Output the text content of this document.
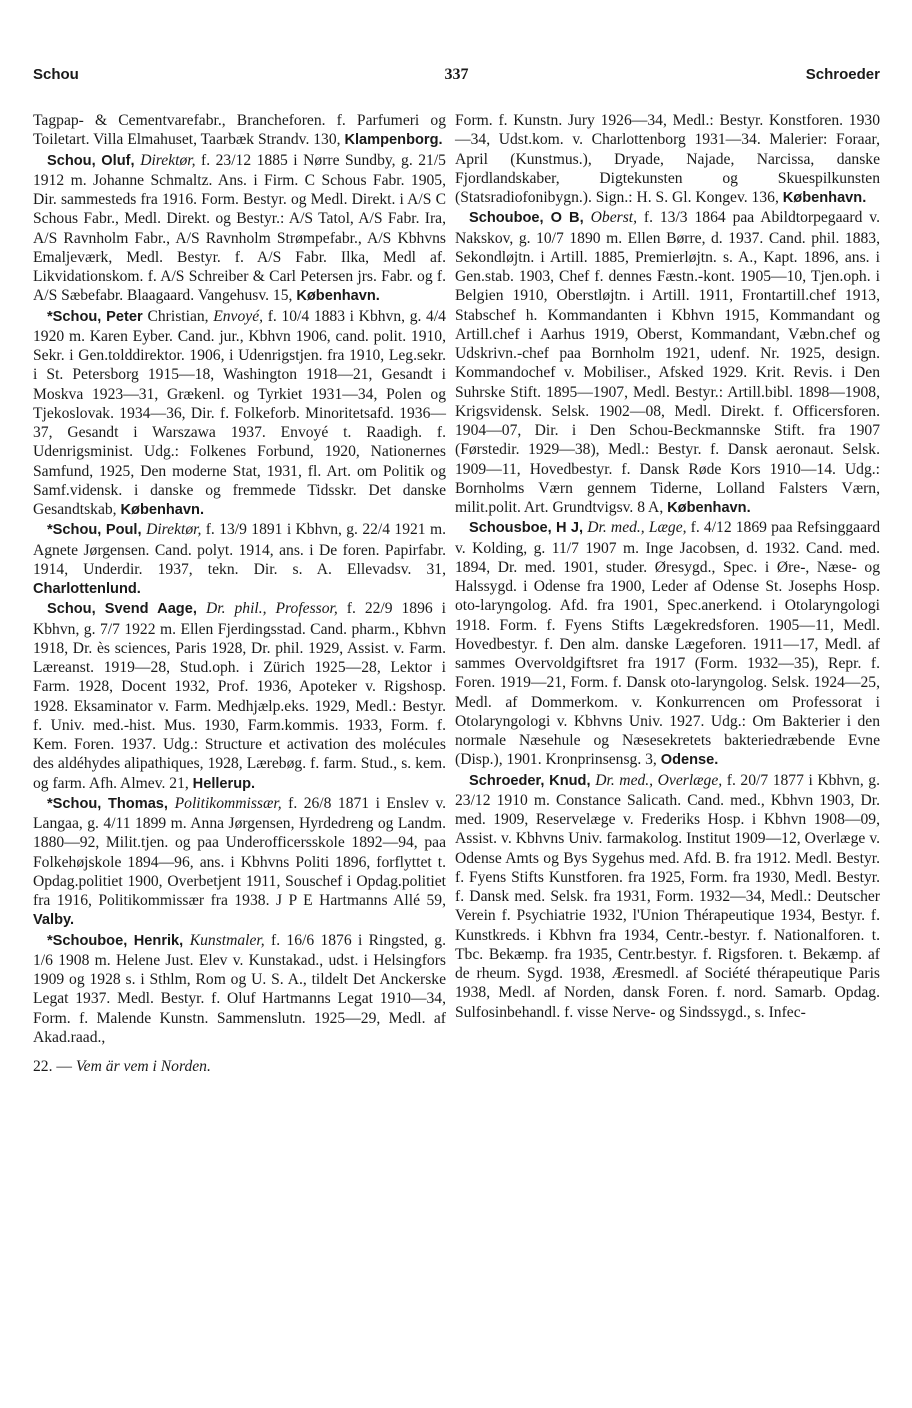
Schou	337	Schroeder

Tagpap- & Cementvarefabr., Brancheforen. f. Parfumeri og Toiletart. Villa Elmahuset, Taarbæk Strandv. 130, Klampenborg.

Schou, Oluf, Direktør, f. 23/12 1885 i Nørre Sundby, g. 21/5 1912 m. Johanne Schmaltz. Ans. i Firm. C Schous Fabr. 1905, Dir. sammesteds fra 1916. Form. Bestyr. og Medl. Direkt. i A/S C Schous Fabr., Medl. Direkt. og Bestyr.: A/S Tatol, A/S Fabr. Ira, A/S Ravnholm Fabr., A/S Ravnholm Strømpefabr., A/S Kbhvns Emaljeværk, Medl. Bestyr. f. A/S Fabr. Ilka, Medl af. Likvidationskom. f. A/S Schreiber & Carl Petersen jrs. Fabr. og f. A/S Sæbefabr. Blaagaard. Vangehusv. 15, København.

*Schou, Peter Christian, Envoyé, f. 10/4 1883 i Kbhvn, g. 4/4 1920 m. Karen Eyber. Cand. jur., Kbhvn 1906, cand. polit. 1910, Sekr. i Gen.tolddirektor. 1906, i Udenrigstjen. fra 1910, Leg.sekr. i St. Petersborg 1915—18, Washington 1918—21, Gesandt i Moskva 1923—31, Grækenl. og Tyrkiet 1931—34, Polen og Tjekoslovak. 1934—36, Dir. f. Folkeforb. Minoritetsafd. 1936—37, Gesandt i Warszawa 1937. Envoyé t. Raadigh. f. Udenrigsminist. Udg.: Folkenes Forbund, 1920, Nationernes Samfund, 1925, Den moderne Stat, 1931, fl. Art. om Politik og Samf.vidensk. i danske og fremmede Tidsskr. Det danske Gesandtskab, København.

*Schou, Poul, Direktør, f. 13/9 1891 i Kbhvn, g. 22/4 1921 m. Agnete Jørgensen. Cand. polyt. 1914, ans. i De foren. Papirfabr. 1914, Underdir. 1937, tekn. Dir. s. A. Ellevadsv. 31, Charlottenlund.

Schou, Svend Aage, Dr. phil., Professor, f. 22/9 1896 i Kbhvn, g. 7/7 1922 m. Ellen Fjerdingsstad. Cand. pharm., Kbhvn 1918, Dr. ès sciences, Paris 1928, Dr. phil. 1929, Assist. v. Farm. Læreanst. 1919—28, Stud.oph. i Zürich 1925—28, Lektor i Farm. 1928, Docent 1932, Prof. 1936, Apoteker v. Rigshosp. 1928. Eksaminator v. Farm. Medhjælp.eks. 1929, Medl.: Bestyr. f. Univ. med.-hist. Mus. 1930, Farm.kommis. 1933, Form. f. Kem. Foren. 1937. Udg.: Structure et activation des molécules des aldéhydes alipathiques, 1928, Lærebøg. f. farm. Stud., s. kem. og farm. Afh. Almev. 21, Hellerup.

*Schou, Thomas, Politikommissær, f. 26/8 1871 i Enslev v. Langaa, g. 4/11 1899 m. Anna Jørgensen, Hyrdedreng og Landm. 1880—92, Milit.tjen. og paa Underofficersskole 1892—94, paa Folkehøjskole 1894—96, ans. i Kbhvns Politi 1896, forflyttet t. Opdag.politiet 1900, Overbetjent 1911, Souschef i Opdag.politiet fra 1916, Politikommissær fra 1938. J P E Hartmanns Allé 59, Valby.

*Schouboe, Henrik, Kunstmaler, f. 16/6 1876 i Ringsted, g. 1/6 1908 m. Helene Just. Elev v. Kunstakad., udst. i Helsingfors 1909 og 1928 s. i Sthlm, Rom og U. S. A., tildelt Det Anckerske Legat 1937. Medl. Bestyr. f. Oluf Hartmanns Legat 1910—34, Form. f. Malende Kunstn. Sammenslutn. 1925—29, Medl. af Akad.raad.,

22. — Vem är vem i Norden.

Form. f. Kunstn. Jury 1926—34, Medl.: Bestyr. Konstforen. 1930—34, Udst.kom. v. Charlottenborg 1931—34. Malerier: Foraar, April (Kunstmus.), Dryade, Najade, Narcissa, danske Fjordlandskaber, Digtekunsten og Skuespilkunsten (Statsradiofonibygn.). Sign.: H. S. Gl. Kongev. 136, København.

Schouboe, O B, Oberst, f. 13/3 1864 paa Abildtorpegaard v. Nakskov, g. 10/7 1890 m. Ellen Børre, d. 1937. Cand. phil. 1883, Sekondløjtn. i Artill. 1885, Premierløjtn. s. A., Kapt. 1896, ans. i Gen.stab. 1903, Chef f. dennes Fæstn.-kont. 1905—10, Tjen.oph. i Belgien 1910, Oberstløjtn. i Artill. 1911, Frontartill.chef 1913, Stabschef h. Kommandanten i Kbhvn 1915, Kommandant og Artill.chef i Aarhus 1919, Oberst, Kommandant, Væbn.chef og Udskrivn.-chef paa Bornholm 1921, udenf. Nr. 1925, design. Kommandochef v. Mobiliser., Afsked 1929. Krit. Revis. i Den Suhrske Stift. 1895—1907, Medl. Bestyr.: Artill.bibl. 1898—1908, Krigsvidensk. Selsk. 1902—08, Medl. Direkt. f. Officersforen. 1904—07, Dir. i Den Schou-Beckmannske Stift. fra 1907 (Førstedir. 1929—38), Medl.: Bestyr. f. Dansk aeronaut. Selsk. 1909—11, Hovedbestyr. f. Dansk Røde Kors 1910—14. Udg.: Bornholms Værn gennem Tiderne, Lolland Falsters Værn, milit.polit. Art. Grundtvigsv. 8 A, København.

Schousboe, H J, Dr. med., Læge, f. 4/12 1869 paa Refsinggaard v. Kolding, g. 11/7 1907 m. Inge Jacobsen, d. 1932. Cand. med. 1894, Dr. med. 1901, studer. Øresygd., Spec. i Øre-, Næse- og Halssygd. i Odense fra 1900, Leder af Odense St. Josephs Hosp. oto-laryngolog. Afd. fra 1901, Spec.anerkend. i Otolaryngologi 1918. Form. f. Fyens Stifts Lægekredsforen. 1905—11, Medl. Hovedbestyr. f. Den alm. danske Lægeforen. 1911—17, Medl. af sammes Overvoldgiftsret fra 1917 (Form. 1932—35), Repr. f. Foren. 1919—21, Form. f. Dansk oto-laryngolog. Selsk. 1924—25, Medl. af Dommerkom. v. Konkurrencen om Professorat i Otolaryngologi v. Kbhvns Univ. 1927. Udg.: Om Bakterier i den normale Næsehule og Næsesekretets bakteriedræbende Evne (Disp.), 1901. Kronprinsensg. 3, Odense.

Schroeder, Knud, Dr. med., Overlæge, f. 20/7 1877 i Kbhvn, g. 23/12 1910 m. Constance Salicath. Cand. med., Kbhvn 1903, Dr. med. 1909, Reservelæge v. Frederiks Hosp. i Kbhvn 1908—09, Assist. v. Kbhvns Univ. farmakolog. Institut 1909—12, Overlæge v. Odense Amts og Bys Sygehus med. Afd. B. fra 1912. Medl. Bestyr. f. Fyens Stifts Kunstforen. fra 1925, Form. fra 1930, Medl. Bestyr. f. Dansk med. Selsk. fra 1931, Form. 1932—34, Medl.: Deutscher Verein f. Psychiatrie 1932, l'Union Thérapeutique 1934, Bestyr. f. Kunstkreds. i Kbhvn fra 1934, Centr.-bestyr. f. Nationalforen. t. Tbc. Bekæmp. fra 1935, Centr.bestyr. f. Rigsforen. t. Bekæmp. af de rheum. Sygd. 1938, Æresmedl. af Société thérapeutique Paris 1938, Medl. af Norden, dansk Foren. f. nord. Samarb. Opdag. Sulfosinbehandl. f. visse Nerve- og Sindssygd., s. Infec-
